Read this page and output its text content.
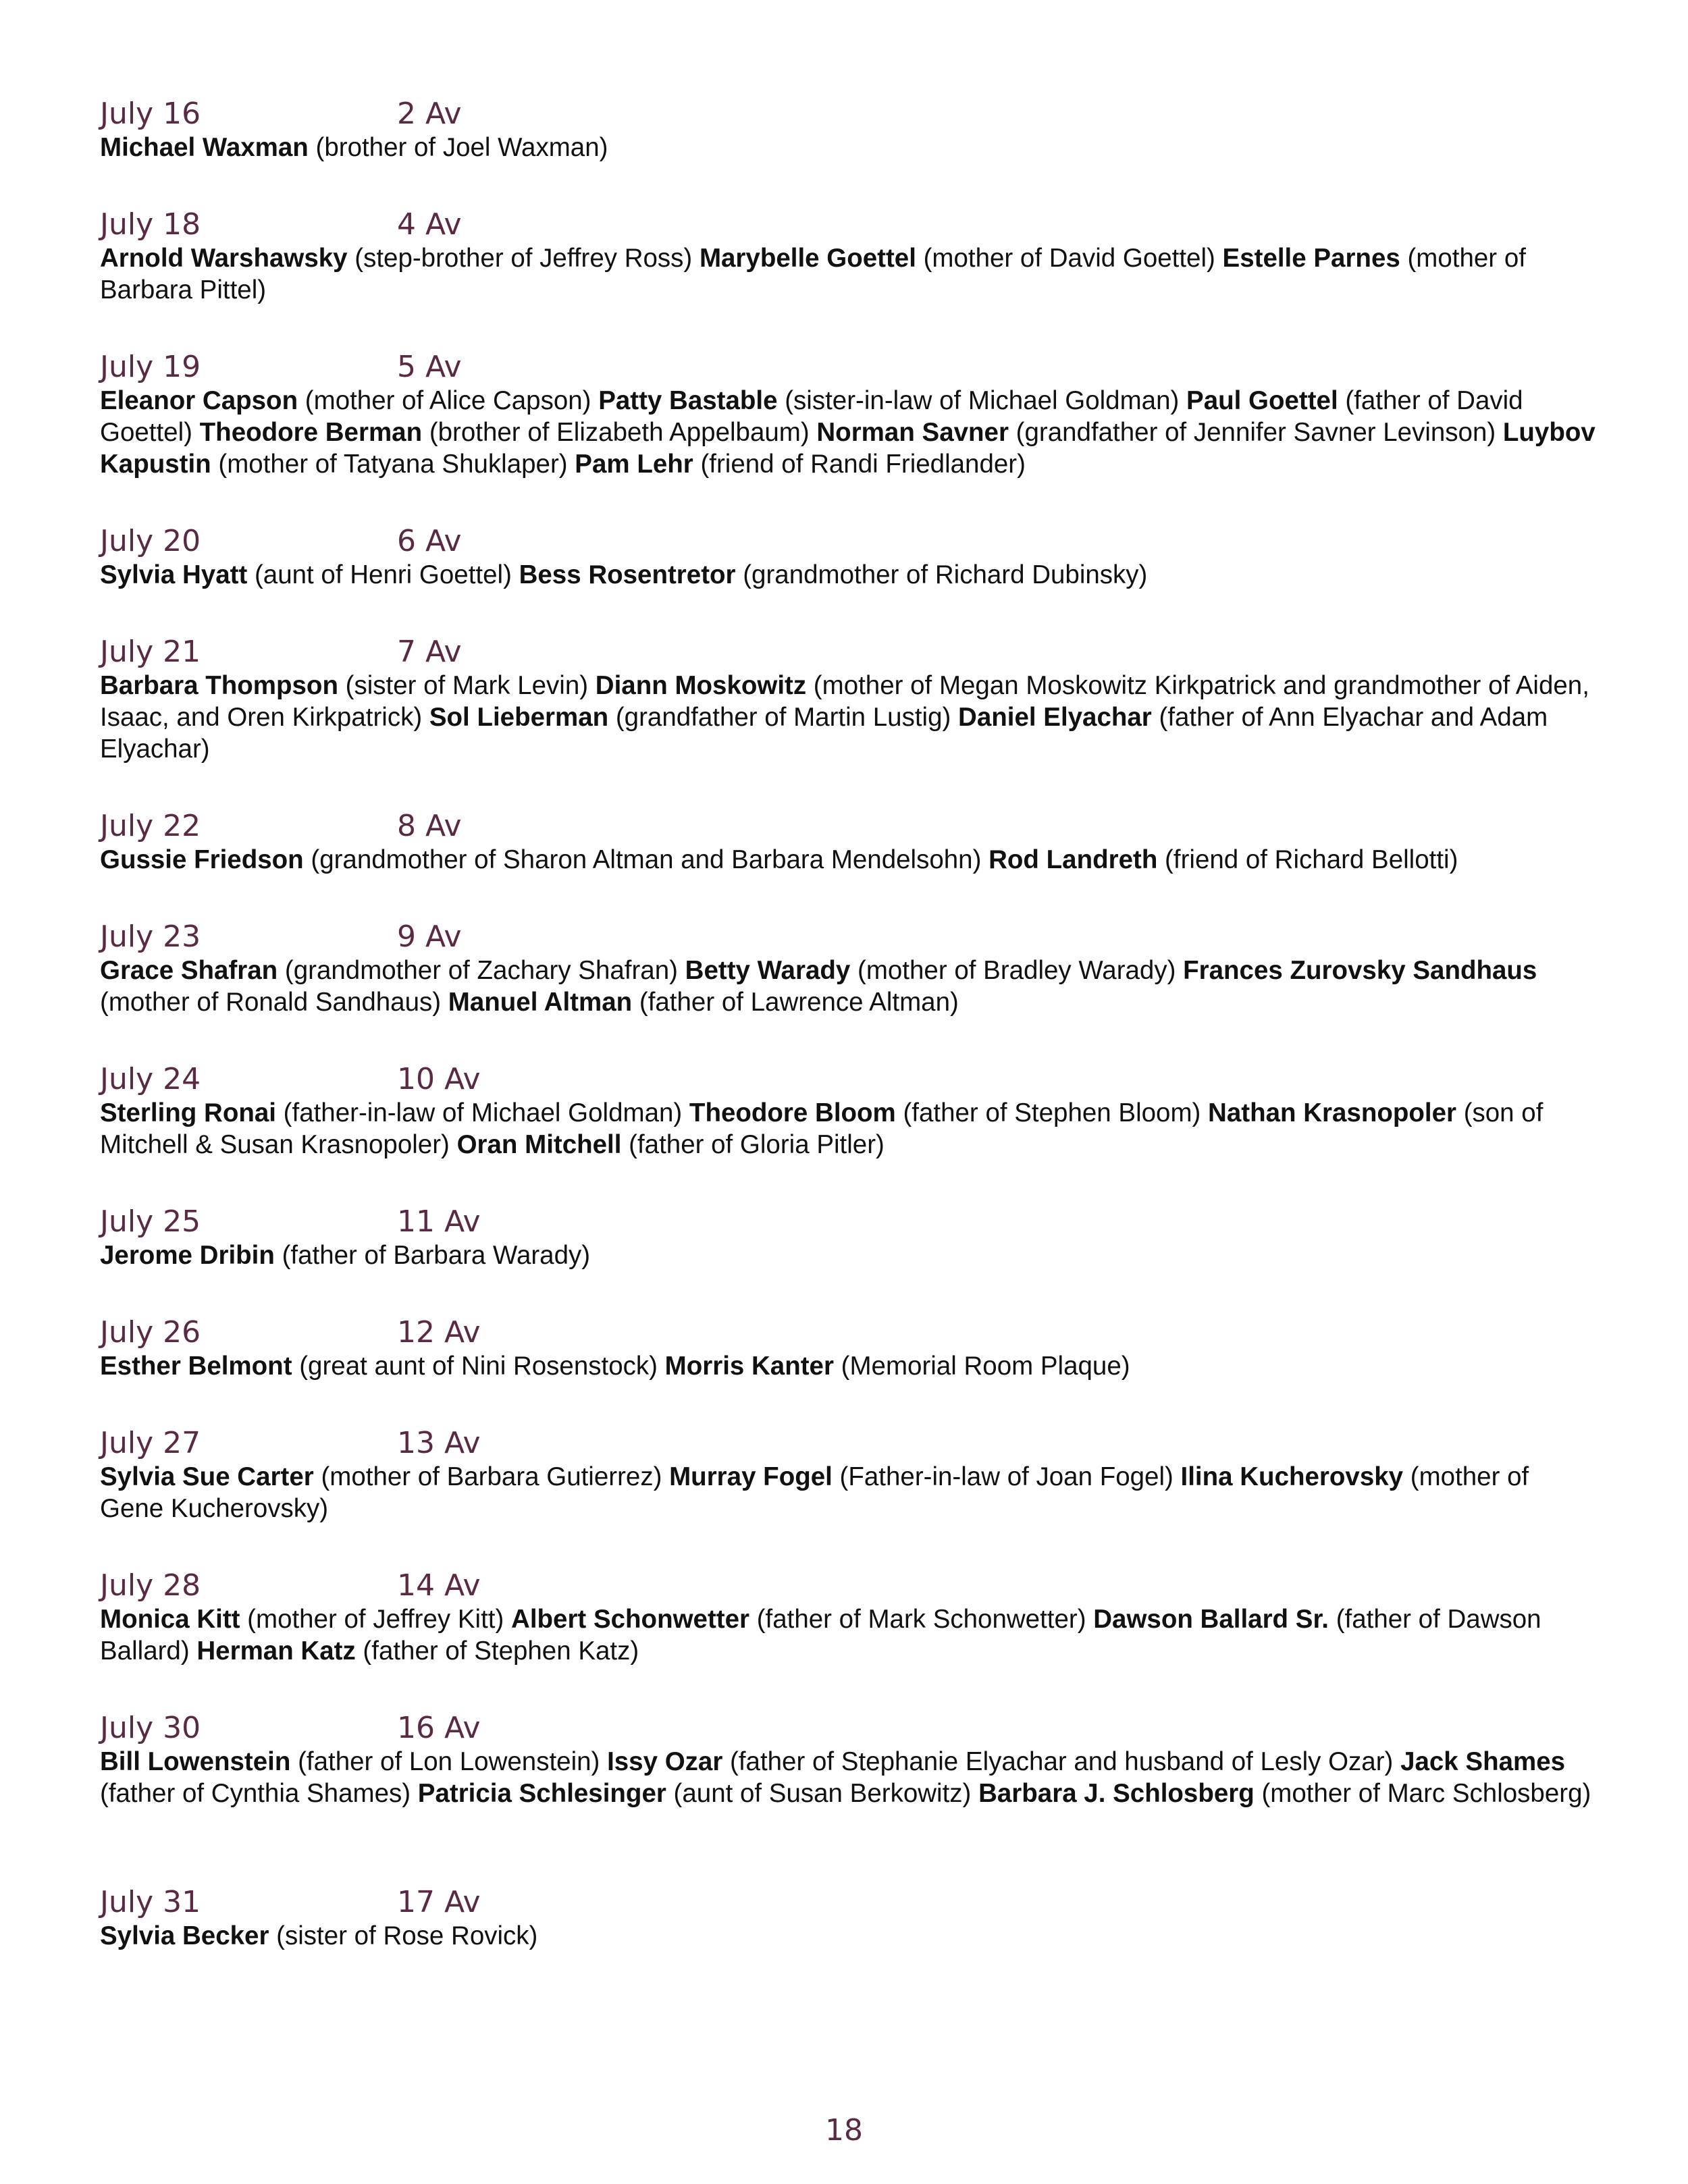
July 16	2 Av
Michael Waxman (brother of Joel Waxman)
July 18	4 Av
Arnold Warshawsky (step-brother of Jeffrey Ross) Marybelle Goettel (mother of David Goettel) Estelle Parnes (mother of Barbara Pittel)
July 19	5 Av
Eleanor Capson (mother of Alice Capson) Patty Bastable (sister-in-law of Michael Goldman) Paul Goettel (father of David Goettel) Theodore Berman (brother of Elizabeth Appelbaum) Norman Savner (grandfather of Jennifer Savner Levinson) Luybov Kapustin (mother of Tatyana Shuklaper) Pam Lehr (friend of Randi Friedlander)
July 20	6 Av
Sylvia Hyatt (aunt of Henri Goettel) Bess Rosentretor (grandmother of Richard Dubinsky)
July 21	7 Av
Barbara Thompson (sister of Mark Levin) Diann Moskowitz (mother of Megan Moskowitz Kirkpatrick and grandmother of Aiden, Isaac, and Oren Kirkpatrick) Sol Lieberman (grandfather of Martin Lustig) Daniel Elyachar (father of Ann Elyachar and Adam Elyachar)
July 22	8 Av
Gussie Friedson (grandmother of Sharon Altman and Barbara Mendelsohn) Rod Landreth (friend of Richard Bellotti)
July 23	9 Av
Grace Shafran (grandmother of Zachary Shafran) Betty Warady (mother of Bradley Warady) Frances Zurovsky Sandhaus (mother of Ronald Sandhaus) Manuel Altman (father of Lawrence Altman)
July 24	10 Av
Sterling Ronai (father-in-law of Michael Goldman) Theodore Bloom (father of Stephen Bloom) Nathan Krasnopoler (son of Mitchell & Susan Krasnopoler) Oran Mitchell (father of Gloria Pitler)
July 25	11 Av
Jerome Dribin (father of Barbara Warady)
July 26	12 Av
Esther Belmont (great aunt of Nini Rosenstock) Morris Kanter (Memorial Room Plaque)
July 27	13 Av
Sylvia Sue Carter (mother of Barbara Gutierrez) Murray Fogel (Father-in-law of Joan Fogel) Ilina Kucherovsky (mother of Gene Kucherovsky)
July 28	14 Av
Monica Kitt (mother of Jeffrey Kitt) Albert Schonwetter (father of Mark Schonwetter) Dawson Ballard Sr. (father of Dawson Ballard) Herman Katz (father of Stephen Katz)
July 30	16 Av
Bill Lowenstein (father of Lon Lowenstein) Issy Ozar (father of Stephanie Elyachar and husband of Lesly Ozar) Jack Shames (father of Cynthia Shames) Patricia Schlesinger (aunt of Susan Berkowitz) Barbara J. Schlosberg (mother of Marc Schlosberg)
July 31	17 Av
Sylvia Becker (sister of Rose Rovick)
18
